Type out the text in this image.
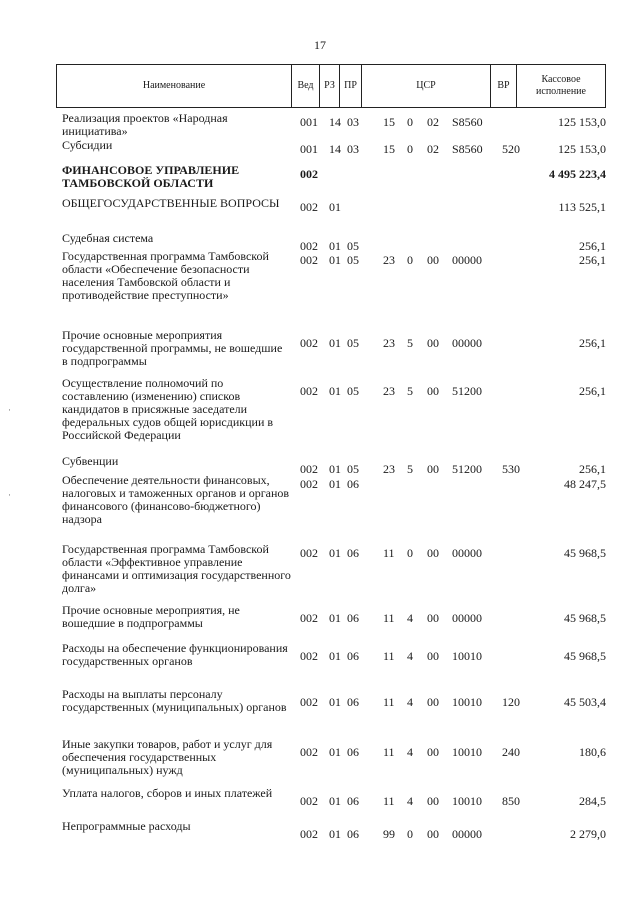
17
Наименование	Вед	РЗ ПР	ЦСР	ВР
Кассовое исполнение
Реализация проектов «Народная инициатива»
001 14 03 15 0 02 S8560	125 153,0
Субсидии	001 14 03 15 0 02 S8560 520	125 153,0
ФИНАНСОВОЕ УПРАВЛЕНИЕ ТАМБОВСКОЙ ОБЛАСТИ
002	4 495 223,4
ОБЩЕГОСУДАРСТВЕННЫЕ ВОПРОСЫ	002 01	113 525,1
Судебная система
002 01 05	256,1
Государственная программа Тамбовской области «Обеспечение безопасности населения Тамбовской области и противодействие преступности»
002 01 05 23 0 00 00000	256,1
Прочие основные мероприятия государственной программы, не вошедшие в подпрограммы
002 01 05 23 5 00 00000	256,1
Осуществление полномочий по составлению (изменению) списков кандидатов в присяжные заседатели федеральных судов общей юрисдикции в Российской Федерации
002 01 05 23 5 00 51200	256,1
Субвенции
002 01 05 23 5 00 51200 530	256,1
Обеспечение деятельности финансовых, налоговых и таможенных органов и органов финансового (финансово-бюджетного) надзора
002 01 06	48 247,5
Государственная программа Тамбовской области «Эффективное управление финансами и оптимизация государственного долга»
002 01 06 11 0 00 00000	45 968,5
Прочие основные мероприятия, не вошедшие в подпрограммы	002 01 06 11 4 00 00000	45 968,5
Расходы на обеспечение функционирования государственных органов	002 01 06 11 4 00 10010	45 968,5
Расходы на выплаты персоналу государственных (муниципальных) органов 002 01 06 11 4 00 10010 120	45 503,4
Иные закупки товаров, работ и услуг для обеспечения государственных (муниципальных) нужд
002 01 06 11 4 00 10010 240	180,6
Уплата налогов, сборов и иных платежей
002 01 06 11 4 00 10010 850	284,5
Непрограммные расходы
002 01 06 99 0 00 00000	2 279,0
·
·
